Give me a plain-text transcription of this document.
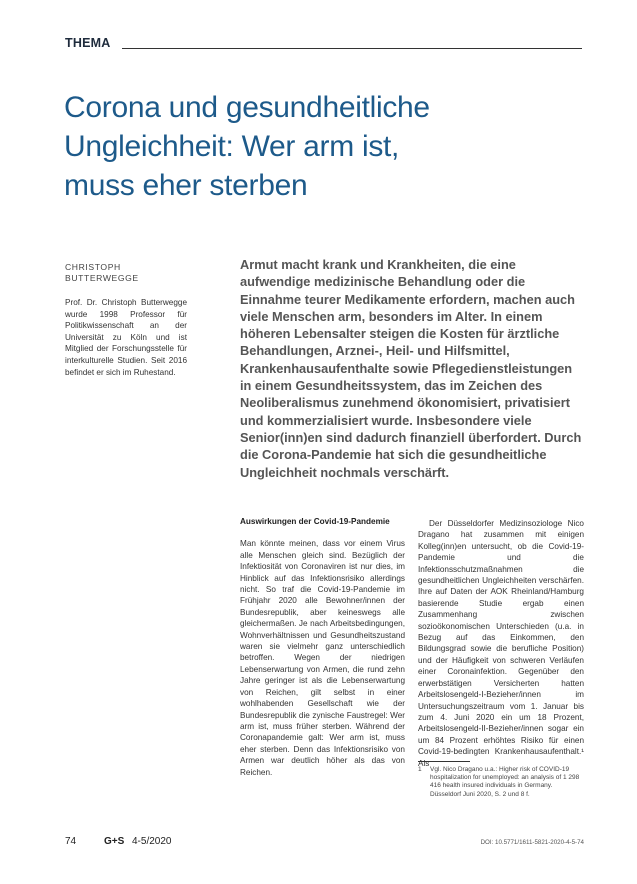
THEMA
Corona und gesundheitliche
Ungleichheit: Wer arm ist,
muss eher sterben
CHRISTOPH
BUTTERWEGGE
Prof. Dr. Christoph Butterwegge wurde 1998 Professor für Politikwissenschaft an der Universität zu Köln und ist Mitglied der Forschungsstelle für interkulturelle Studien. Seit 2016 befindet er sich im Ruhestand.
Armut macht krank und Krankheiten, die eine aufwendige medizinische Behandlung oder die Einnahme teurer Medikamente erfordern, machen auch viele Menschen arm, besonders im Alter. In einem höheren Lebensalter steigen die Kosten für ärztliche Behandlungen, Arznei-, Heil- und Hilfsmittel, Krankenhausaufenthalte sowie Pflegedienstleistungen in einem Gesundheitssystem, das im Zeichen des Neoliberalismus zunehmend ökonomisiert, privatisiert und kommerzialisiert wurde. Insbesondere viele Senior(inn)en sind dadurch finanziell überfordert. Durch die Corona-Pandemie hat sich die gesundheitliche Ungleichheit nochmals verschärft.

Auswirkungen der Covid-19-Pandemie

Man könnte meinen, dass vor einem Virus alle Menschen gleich sind. Bezüglich der Infektiosität von Coronaviren ist nur dies, im Hinblick auf das Infektionsrisiko allerdings nicht. So traf die Covid-19-Pandemie im Frühjahr 2020 alle Bewohner/innen der Bundesrepublik, aber keineswegs alle gleichermaßen. Je nach Arbeitsbedingungen, Wohnverhältnissen und Gesundheitszustand waren sie vielmehr ganz unterschiedlich betroffen. Wegen der niedrigen Lebenserwartung von Armen, die rund zehn Jahre geringer ist als die Lebenserwartung von Reichen, gilt selbst in einer wohlhabenden Gesellschaft wie der Bundesrepublik die zynische Faustregel: Wer arm ist, muss früher sterben. Während der Coronapandemie galt: Wer arm ist, muss eher sterben. Denn das Infektionsrisiko von Armen war deutlich höher als das von Reichen.

Der Düsseldorfer Medizinsoziologe Nico Dragano hat zusammen mit einigen Kolleg(inn)en untersucht, ob die Covid-19-Pandemie und die Infektionsschutzmaßnahmen die gesundheitlichen Ungleichheiten verschärfen. Ihre auf Daten der AOK Rheinland/Hamburg basierende Studie ergab einen Zusammenhang zwischen sozioökonomischen Unterschieden (u.a. in Bezug auf das Einkommen, den Bildungsgrad sowie die berufliche Position) und der Häufigkeit von schweren Verläufen einer Coronainfektion. Gegenüber den erwerbstätigen Versicherten hatten Arbeitslosengeld-I-Bezieher/innen im Untersuchungszeitraum vom 1. Januar bis zum 4. Juni 2020 ein um 18 Prozent, Arbeitslosengeld-II-Bezieher/innen sogar ein um 84 Prozent erhöhtes Risiko für einen Covid-19-bedingten Krankenhausaufenthalt.¹ Als

1	Vgl. Nico Dragano u.a.: Higher risk of COVID-19 hospitalization for unemployed: an analysis of 1 298 416 health insured individuals in Germany. Düsseldorf Juni 2020, S. 2 und 8 f.
74	G+S 4-5/2020	DOI: 10.5771/1611-5821-2020-4-5-74
